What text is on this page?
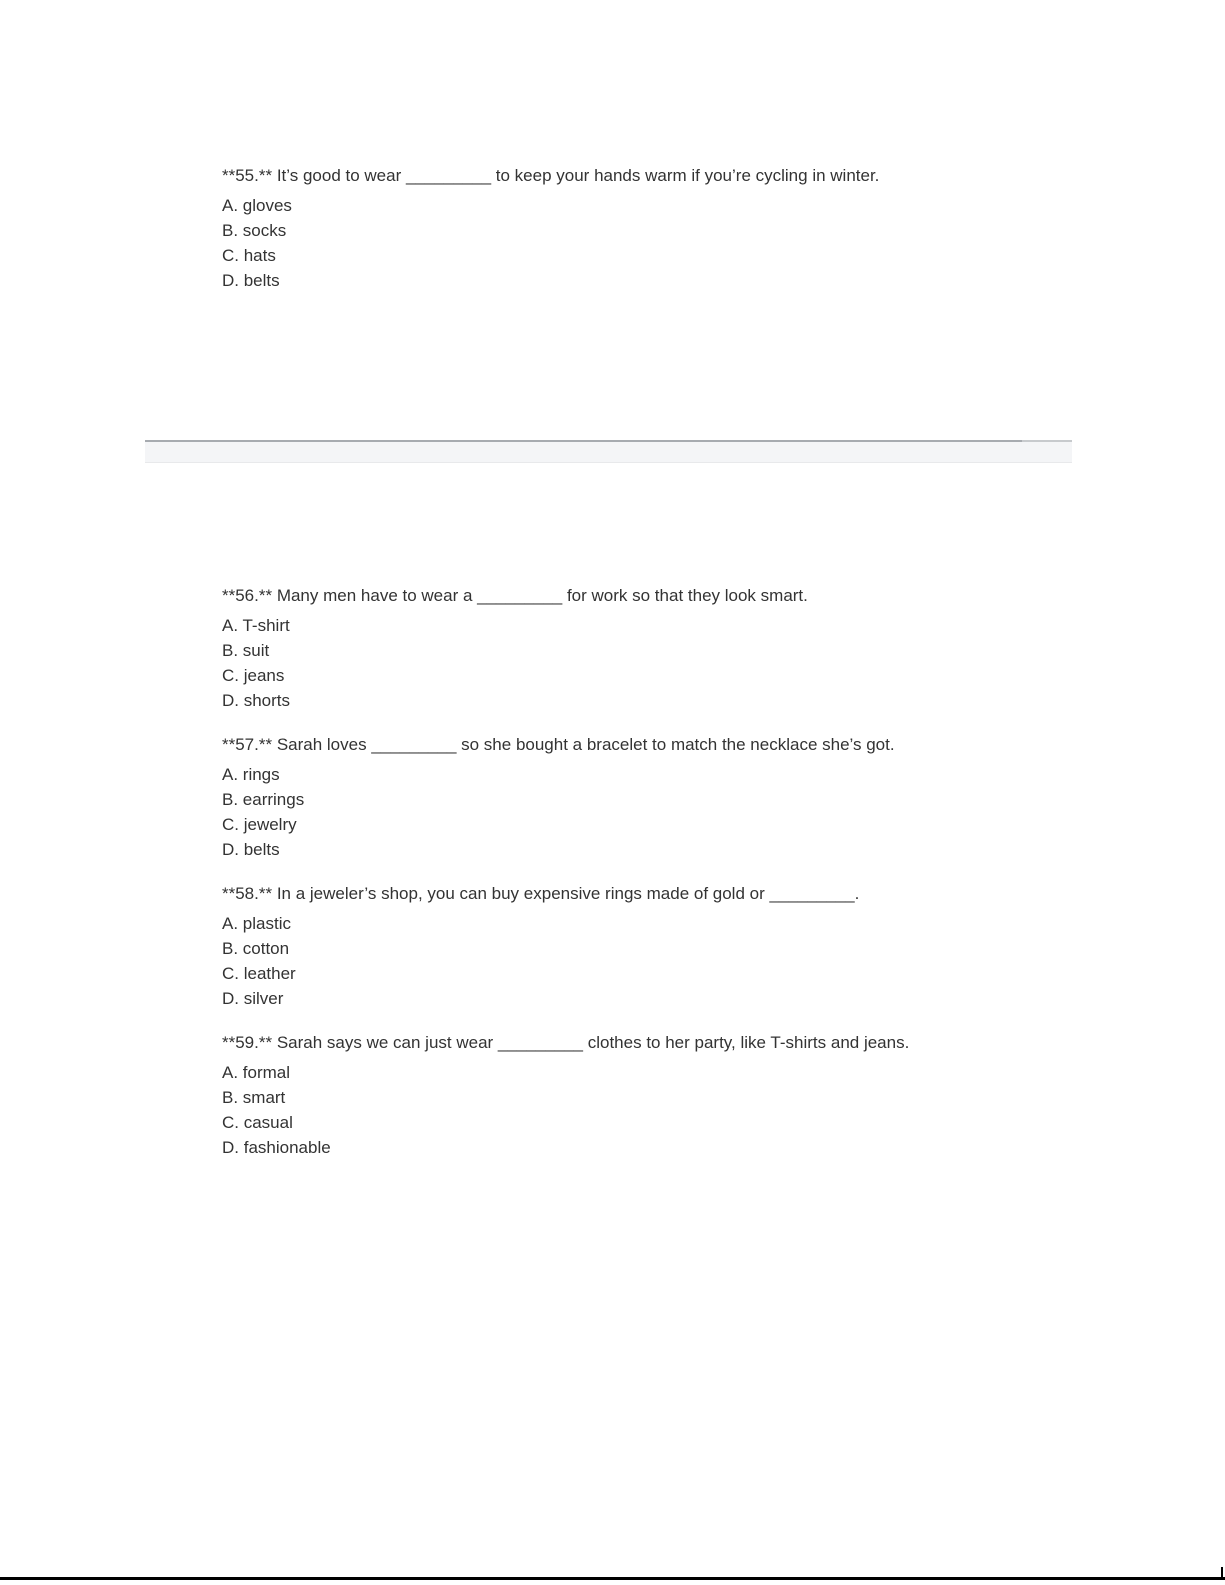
**55.** It’s good to wear _________ to keep your hands warm if you’re cycling in winter.

A. gloves

B. socks

C. hats

D. belts

**56.** Many men have to wear a _________ for work so that they look smart.

A. T-shirt

B. suit

C. jeans

D. shorts

**57.** Sarah loves _________ so she bought a bracelet to match the necklace she’s got.

A. rings

B. earrings

C. jewelry

D. belts

**58.** In a jeweler’s shop, you can buy expensive rings made of gold or _________.

A. plastic

B. cotton

C. leather

D. silver

**59.** Sarah says we can just wear _________ clothes to her party, like T-shirts and jeans.

A. formal

B. smart

C. casual

D. fashionable
